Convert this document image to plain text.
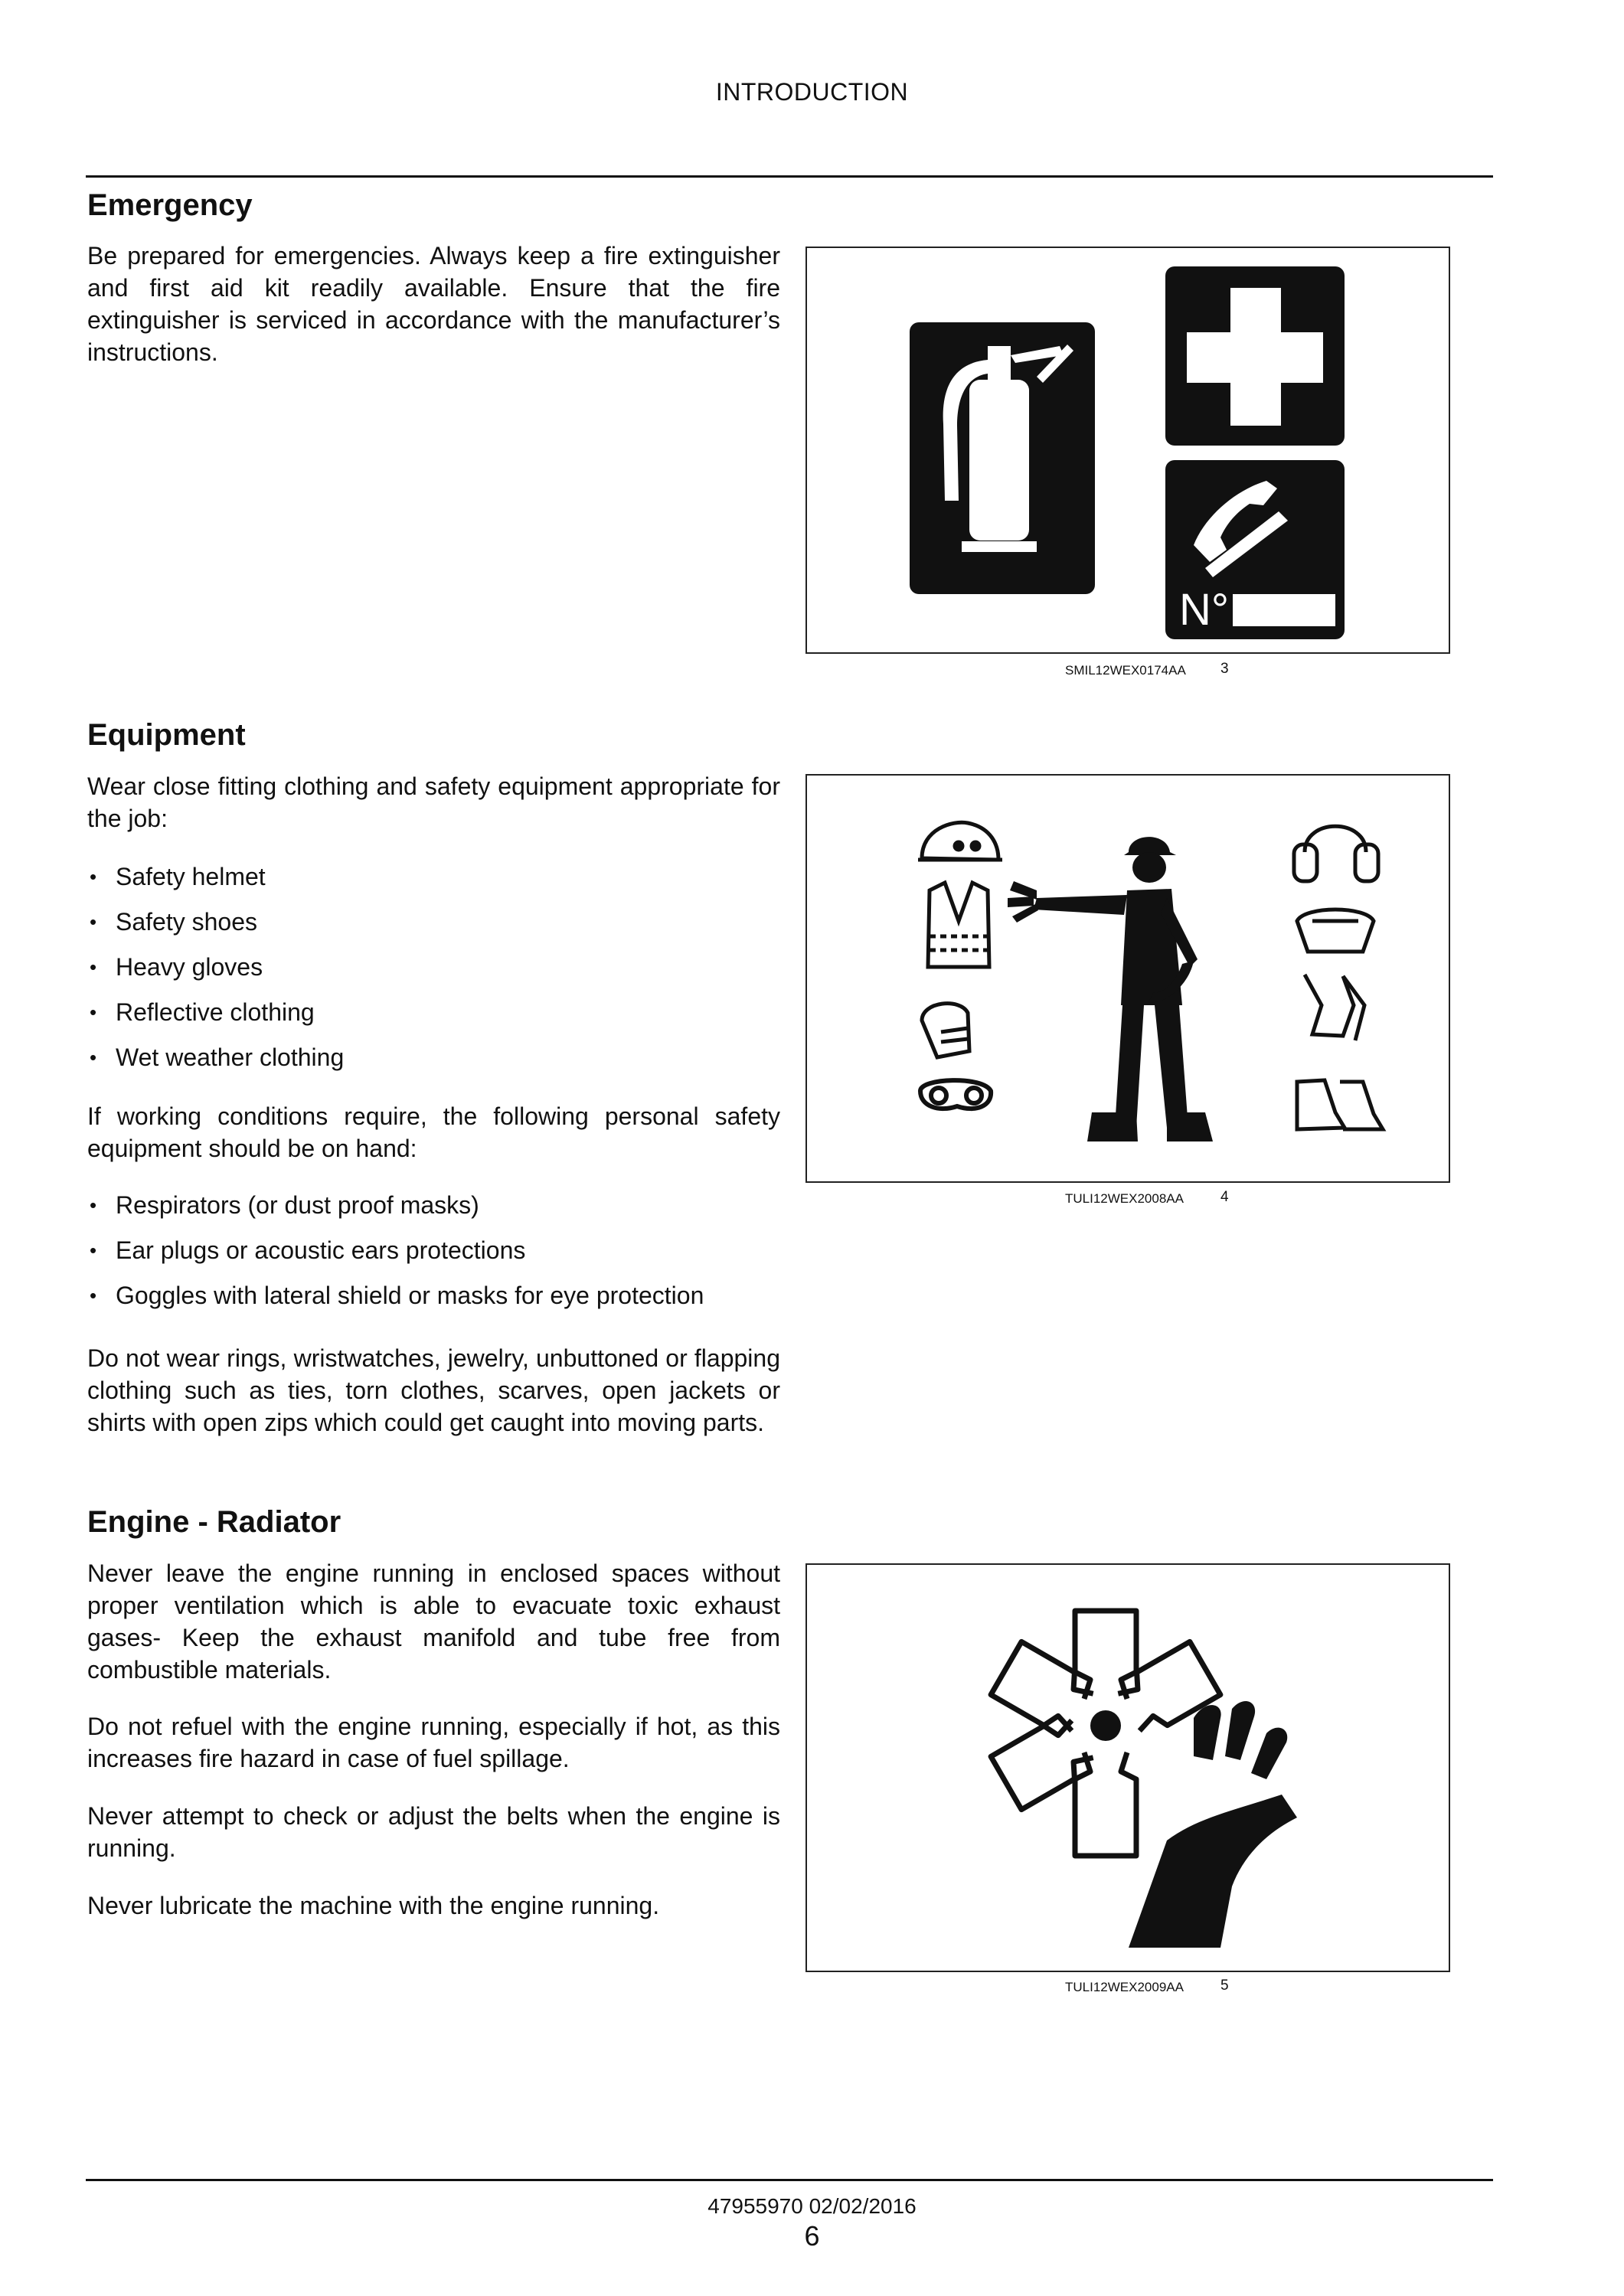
INTRODUCTION
Emergency

Be prepared for emergencies. Always keep a fire extinguisher and first aid kit readily available. Ensure that the fire extinguisher is serviced in accordance with the manufacturer’s instructions.

N°
SMIL12WEX0174AA 3
Equipment

Wear close fitting clothing and safety equipment appropriate for the job:

• Safety helmet
• Safety shoes
• Heavy gloves
• Reflective clothing
• Wet weather clothing

If working conditions require, the following personal safety equipment should be on hand:

• Respirators (or dust proof masks)
• Ear plugs or acoustic ears protections
• Goggles with lateral shield or masks for eye protection

Do not wear rings, wristwatches, jewelry, unbuttoned or flapping clothing such as ties, torn clothes, scarves, open jackets or shirts with open zips which could get caught into moving parts.

TULI12WEX2008AA	4
Engine - Radiator

Never leave the engine running in enclosed spaces without proper ventilation which is able to evacuate toxic exhaust gases- Keep the exhaust manifold and tube free from combustible materials.

Do not refuel with the engine running, especially if hot, as this increases fire hazard in case of fuel spillage.

Never attempt to check or adjust the belts when the engine is running.

Never lubricate the machine with the engine running.

TULI12WEX2009AA	5
47955970 02/02/2016
6
